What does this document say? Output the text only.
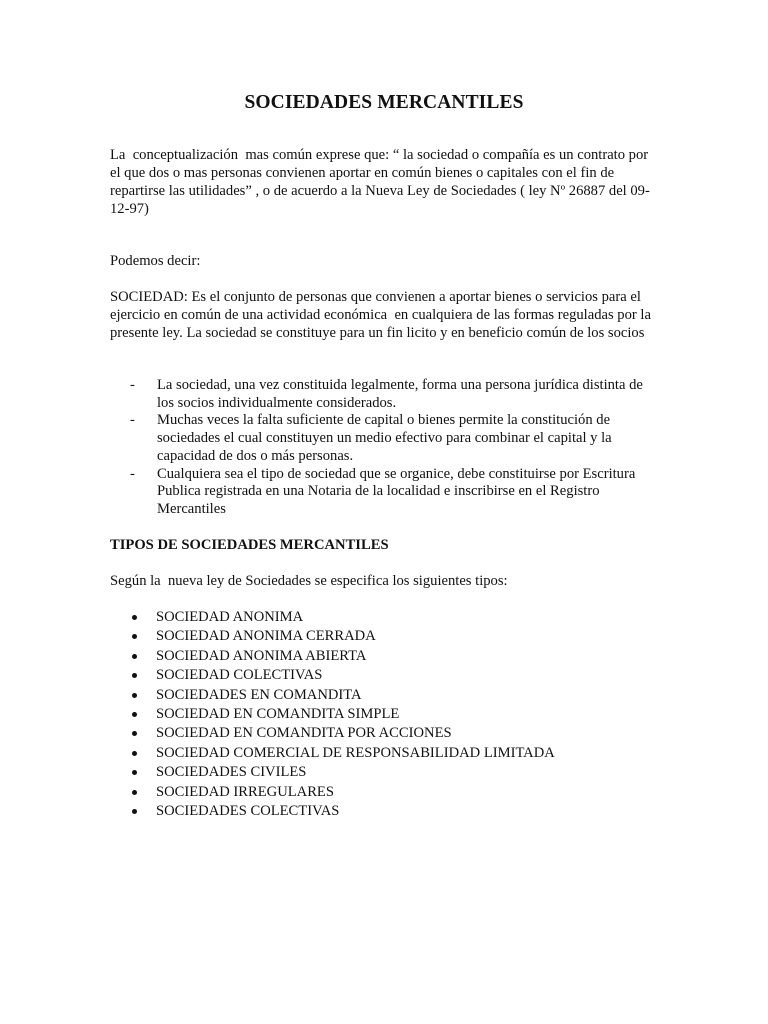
SOCIEDADES MERCANTILES

La  conceptualización  mas común exprese que: “ la sociedad o compañía es un contrato por el que dos o mas personas convienen aportar en común bienes o capitales con el fin de repartirse las utilidades” , o de acuerdo a la Nueva Ley de Sociedades ( ley Nº 26887 del 09-12-97)

Podemos decir:

SOCIEDAD: Es el conjunto de personas que convienen a aportar bienes o servicios para el ejercicio en común de una actividad económica  en cualquiera de las formas reguladas por la presente ley. La sociedad se constituye para un fin licito y en beneficio común de los socios

- La sociedad, una vez constituida legalmente, forma una persona jurídica distinta de los socios individualmente considerados.
- Muchas veces la falta suficiente de capital o bienes permite la constitución de sociedades el cual constituyen un medio efectivo para combinar el capital y la capacidad de dos o más personas.
- Cualquiera sea el tipo de sociedad que se organice, debe constituirse por Escritura Publica registrada en una Notaria de la localidad e inscribirse en el Registro Mercantiles
TIPOS DE SOCIEDADES MERCANTILES

Según la  nueva ley de Sociedades se especifica los siguientes tipos:

SOCIEDAD ANONIMA
SOCIEDAD ANONIMA CERRADA
SOCIEDAD ANONIMA ABIERTA
SOCIEDAD COLECTIVAS
SOCIEDADES EN COMANDITA
SOCIEDAD EN COMANDITA SIMPLE
SOCIEDAD EN COMANDITA POR ACCIONES
SOCIEDAD COMERCIAL DE RESPONSABILIDAD LIMITADA
SOCIEDADES CIVILES
SOCIEDAD IRREGULARES
SOCIEDADES COLECTIVAS
